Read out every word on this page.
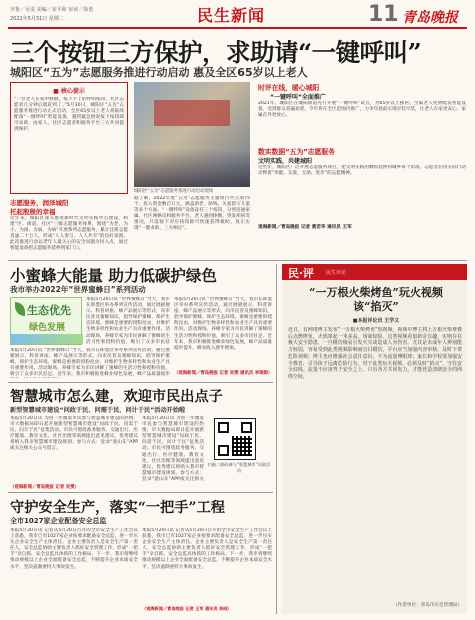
齐鲁／吴雯 美编／宋平和 审读／徐勇
2022年5月31日 星期二	民生新闻	11 青岛晚报
三个按钮三方保护，求助请“一键呼叫”
城阳区“五为”志愿服务推进行动启动 惠及全区65岁以上老人
■ 核心提示
“一位老人在家中跌倒，按下手上的呼叫按钮，社区志愿者几分钟后就赶到了。”5月30日，城阳区“五为”志愿服务推进行动正式启动，全区65岁以上老人将陆续配备“一键呼叫”智能设备，遇到紧急情况按下按钮即可求助，由家人、社区志愿者和服务平台三方共同提供保护。
城阳区“五为”志愿服务推进行动启动现场
志愿服务，润泽城阳
托起殷殷的幸福
近年来，城阳区深入推进新时代文明实践中心建设，构建“区、街道、社区”三级志愿服务体系，围绕“为老、为小、为困、为弱、为病”开展系列志愿服务，累计注册志愿者逾二十万人，形成“人人参与、人人共享”的良好氛围。此次推进行动以老年人最关心的安全问题为切入点，通过智能设备把志愿服务延伸到家门口。
据了解，2022年度“五为”志愿服务主题项目共立项75个，投入资金数百万元，涵盖助老、助残、关爱留守儿童等多个方面。“一键呼叫”设备设有三个按钮，分别连通家属、社区网格员和服务平台，老人遇到摔倒、突发疾病等情况，只需按下对应按钮即可快速获得救助，真正实现“一键求助、三方响应”。
时评在线，暖心城阳
“一键呼叫”全面推广
2021年，城阳区在城阳街道先行开展“一键呼叫”试点，为65岁以上独居、空巢老人免费配发智能设备，受到群众普遍欢迎。今年将在全区范围内推广，力争年底前实现应装尽装，让老人在家更安心、家属在外更放心。
数实数据“五为”志愿服务
文明实践，共建城阳
这些年，城阳区广泛开展志愿服务项目，把文明实践的触角延伸到城乡每个角落，志愿者们用实际行动诠释着“奉献、友爱、互助、进步”的志愿精神。
观海新闻／青岛晚报 记者 黄若华 通讯员 王军
小蜜蜂大能量 助力低碳护绿色
我市举办2022年“世界蜜蜂日”系列活动
生态优先
绿色发展
本报5月20日讯 “世界蜜蜂日”当天，我市在即墨区举办系列宣传活动，通过展板展示、科普讲座、蜂产品展示等形式，向市民普及蜜蜂知识，倡导保护蜜蜂、保护生态环境。蜜蜂是重要的授粉昆虫，对维护生物多样性和农业生产具有重要作用。活动现场，养蜂专家为市民讲解了蜜蜂的生活习性和授粉价值，吸引了众多市民驻
本报5月20日讯 “世界蜜蜂日”当天，我市在即墨区举办系列宣传活动，通过展板展示、科普讲座、蜂产品展示等形式，向市民普及蜜蜂知识，倡导保护蜜蜂、保护生态环境。蜜蜂是重要的授粉昆虫，对维护生物多样性和农业生产具有重要作用。活动现场，养蜂专家为市民讲解了蜜蜂的生活习性和授粉价值，吸引了众多市民驻足。近年来，我市积极推进蜂业绿色发展，蜂产品质量稳步
本报5月20日讯 “世界蜜蜂日”当天，我市在即墨区举办系列宣传活动，通过展板展示、科普讲座、蜂产品展示等形式，向市民普及蜜蜂知识，倡导保护蜜蜂、保护生态环境。蜜蜂是重要的授粉昆虫，对维护生物多样性和农业生产具有重要作用。活动现场，养蜂专家为市民讲解了蜜蜂的生活习性和授粉价值，吸引了众多市民驻足。近年来，我市积极推进蜂业绿色发展，蜂产品质量稳步提升，蜂农收入逐年增加。
（观海新闻／青岛晚报 记者 吴雯 通讯员 李瑞娟）
智慧城市怎么建，欢迎市民出点子
新型智慧城市建设“问政于民、问需于民、问计于民”活动开始啦
本报5月20日讯 为进一步激发市民参与智慧城市建设的热情，市大数据局即日起开展新型智慧城市建设“问政于民、问需于民、问计于民”征集活动。市民可围绕政务服务、交通出行、医疗健康、教育文化、社区治理等领域提出意见建议，优秀建议将纳入我市智慧城市建设规划。参与方式：登录“爱山东”APP或关注相关公众号留言。
本报5月20日讯 为进一步激发市民参与智慧城市建设的热情，市大数据局即日起开展新型智慧城市建设“问政于民、问需于民、问计于民”征集活动。市民可围绕政务服务、交通出行、医疗健康、教育文化、社区治理等领域提出意见建议，优秀建议将纳入我市智慧城市建设规划。参与方式：登录“爱山东”APP或关注相关
扫描二维码参与“智慧城市”问政活动
（观海新闻／青岛晚报 记者 吴雯）
守护安全生产，落实“一把手”工程
全市1027家企业配备安全总监
本报5月20日讯 记者从5月20日召开的全市安全生产工作会议上获悉，我市已有1027家企业按要求配备安全总监，进一步压实企业安全生产主体责任。企业主要负责人是安全生产第一责任人，安全总监协助主要负责人抓好安全管理工作，形成“一把手”亲自抓、安全总监具体抓的工作格局。下一步，我市将继续推动规模以上企业全面配备安全总监，不断提升企业本质安全水平，坚决遏制重特大事故发生。
本报5月20日讯 记者从5月20日召开的全市安全生产工作会议上获悉，我市已有1027家企业按要求配备安全总监，进一步压实企业安全生产主体责任。企业主要负责人是安全生产第一责任人，安全总监协助主要负责人抓好安全管理工作，形成“一把手”亲自抓、安全总监具体抓的工作格局。下一步，我市将继续推动规模以上企业全面配备安全总监，不断提升企业本质安全水平，坚决遏制重特大事故发生。
（观海新闻／青岛晚报 记者 王军 通讯员 李刚）
民·评 民生评论
“一万根火柴烤鱼”玩火视频该“掐灭”
■本报评论员 王学义
近日，有网络博主发布“一万根火柴烤鱼”短视频，视频中博主将上万根火柴堆叠后点燃烤鱼，火焰窜起一米多高，场面惊险。这类视频看似新奇有趣，实则存在极大安全隐患，一旦模仿极易引发火灾或造成人身伤害。尤其是未成年人辨别能力较弱，容易受到此类视频影响而盲目模仿。平台应当加强内容审核，及时下架危险视频；博主也应增强社会责任意识，不为流量博眼球；家长和学校要加强安全教育，引导孩子远离危险行为。对于此类玩火视频，必须及时“掐灭”，守住安全底线。流量不应凌驾于安全之上，只有各方共同发力，才能营造清朗安全的网络空间。
（作者单位：青岛市应急管理局）
